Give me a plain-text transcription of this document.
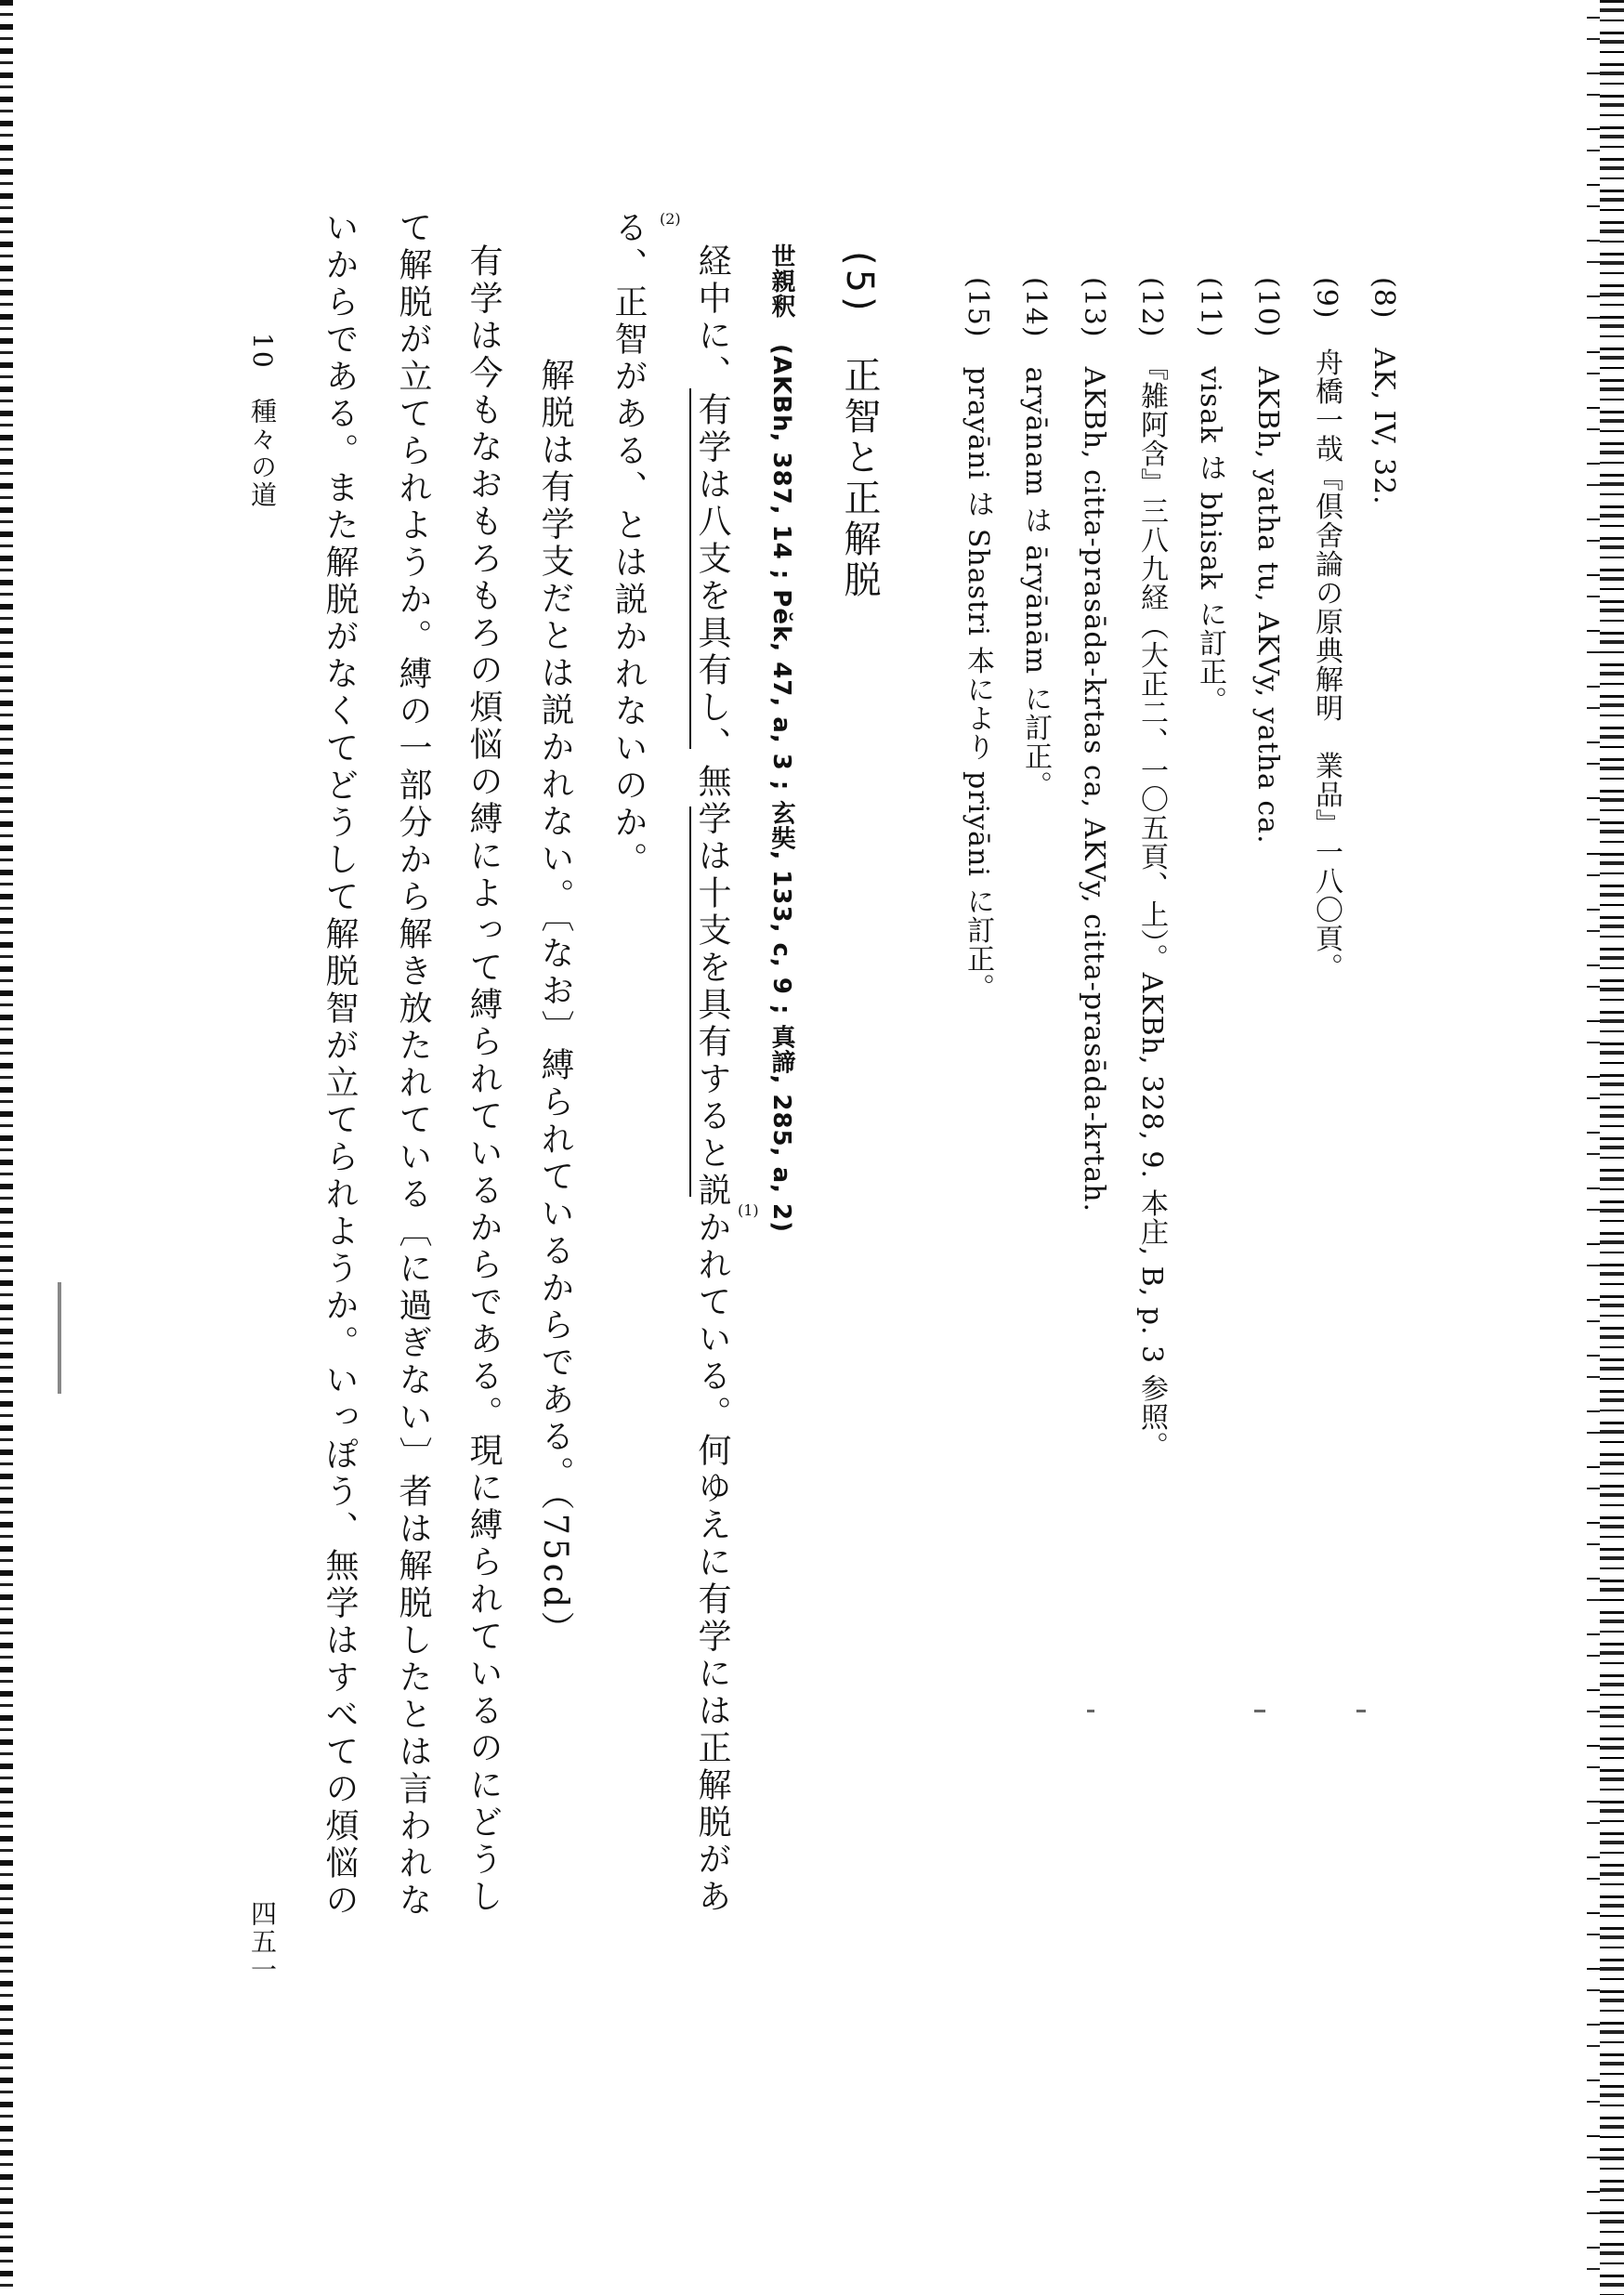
(8)　AK, IV, 32.
(9)　舟橋一哉『倶舍論の原典解明　業品』一八〇頁。
(10)　AKBh, yatha tu, AKVy, yatha ca.
(11)　visak は bhisak に訂正。
(12)　『雑阿含』三八九経（大正二、一〇五頁、上）。AKBh, 328, 9. 本庄, B, p. 3 参照。
(13)　AKBh, citta-prasāda-krtas ca, AKVy, citta-prasāda-krtah.
(14)　aryānam は āryānām に訂正。
(15)　prayāni は Shastri 本により priyāni に訂正。
(5)　正智と正解脱
世親釈　(AKBh, 387, 14 ; Pĕk, 47, a, 3 ; 玄奘, 133, c, 9 ; 真諦, 285, a, 2)
経中に、有学は八支を具有し、無学は十支を具有すると説かれている。何ゆえに有学には正解脱があ
る、正智がある、とは説かれないのか。
解脱は有学支だとは説かれない。〔なお〕縛られているからである。（75cd）
有学は今もなおもろもろの煩悩の縛によって縛られているからである。現に縛られているのにどうし
て解脱が立てられようか。縛の一部分から解き放たれている〔に過ぎない〕者は解脱したとは言われな
いからである。また解脱がなくてどうして解脱智が立てられようか。いっぽう、無学はすべての煩悩の	(1)
(2)
10　種々の道
四五一
